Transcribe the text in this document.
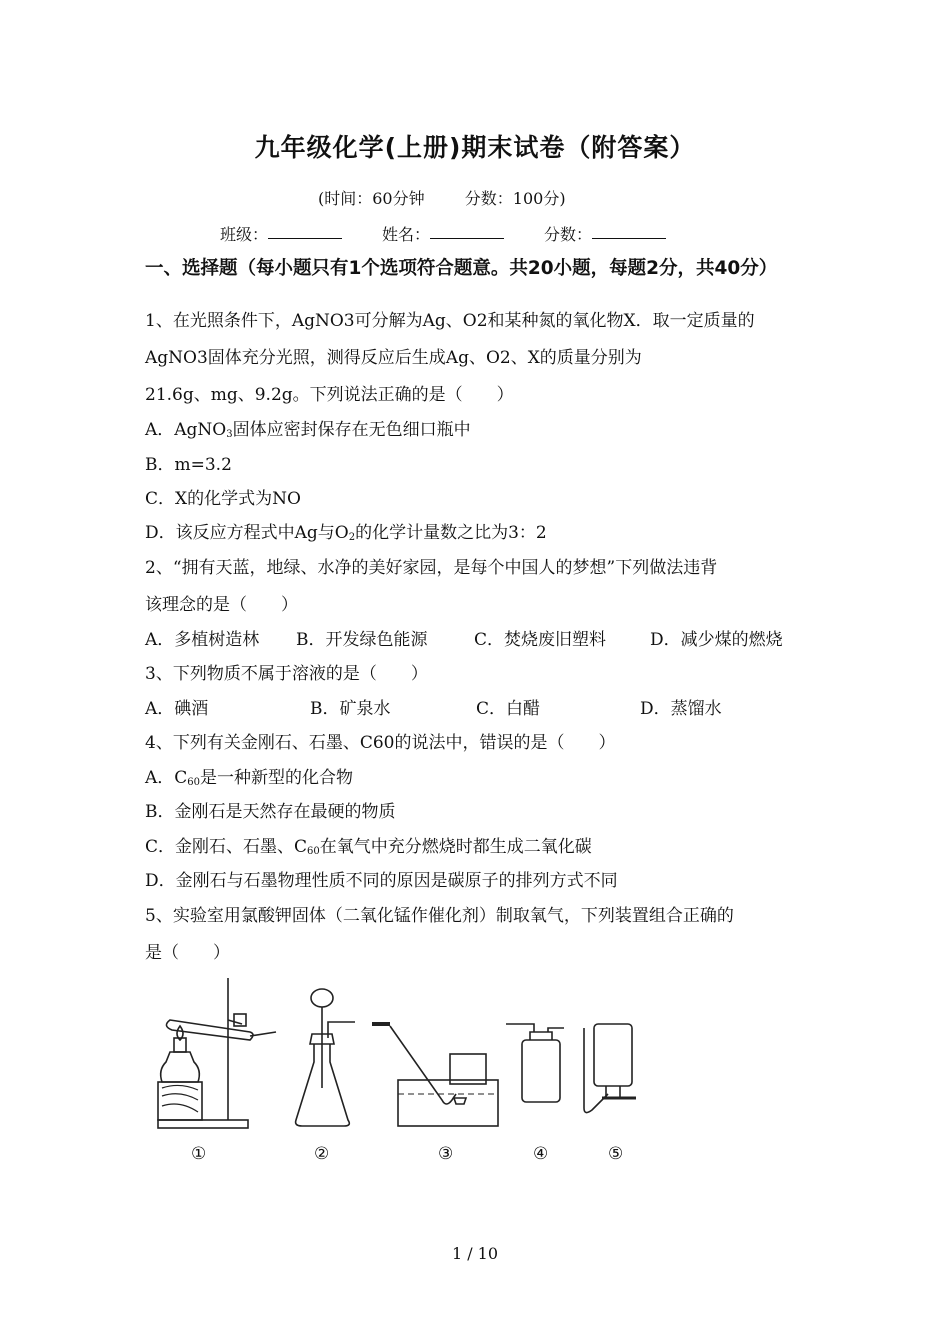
九年级化学(上册)期末试卷（附答案）
(时间：60分钟	分数：100分)
班级：	姓名：	分数：
一、选择题（每小题只有1个选项符合题意。共20小题，每题2分，共40分）
1、在光照条件下，AgNO3可分解为Ag、O2和某种氮的氧化物X．取一定质量的
AgNO3固体充分光照，测得反应后生成Ag、O2、X的质量分别为
21.6g、mg、9.2g。下列说法正确的是（　　）
A．AgNO$_3$固体应密封保存在无色细口瓶中
B．m=3.2
C．X的化学式为NO
D．该反应方程式中Ag与$O_2$的化学计量数之比为3：2
2、“拥有天蓝，地绿、水净的美好家园，是每个中国人的梦想”下列做法违背
该理念的是（　　）
A．多植树造林 B．开发绿色能源	C．焚烧废旧塑料	D．减少煤的燃烧
3、下列物质不属于溶液的是（　　）
A．碘酒	B．矿泉水	C．白醋	D．蒸馏水
4、下列有关金刚石、石墨、C60的说法中，错误的是（　　）
A．$C_{60}$是一种新型的化合物
B．金刚石是天然存在最硬的物质
C．金刚石、石墨、$C_{60}$在氧气中充分燃烧时都生成二氧化碳
D．金刚石与石墨物理性质不同的原因是碳原子的排列方式不同
5、实验室用氯酸钾固体（二氧化锰作催化剂）制取氧气，下列装置组合正确的
是（　　）
①	②	③	④	⑤
1 / 10
